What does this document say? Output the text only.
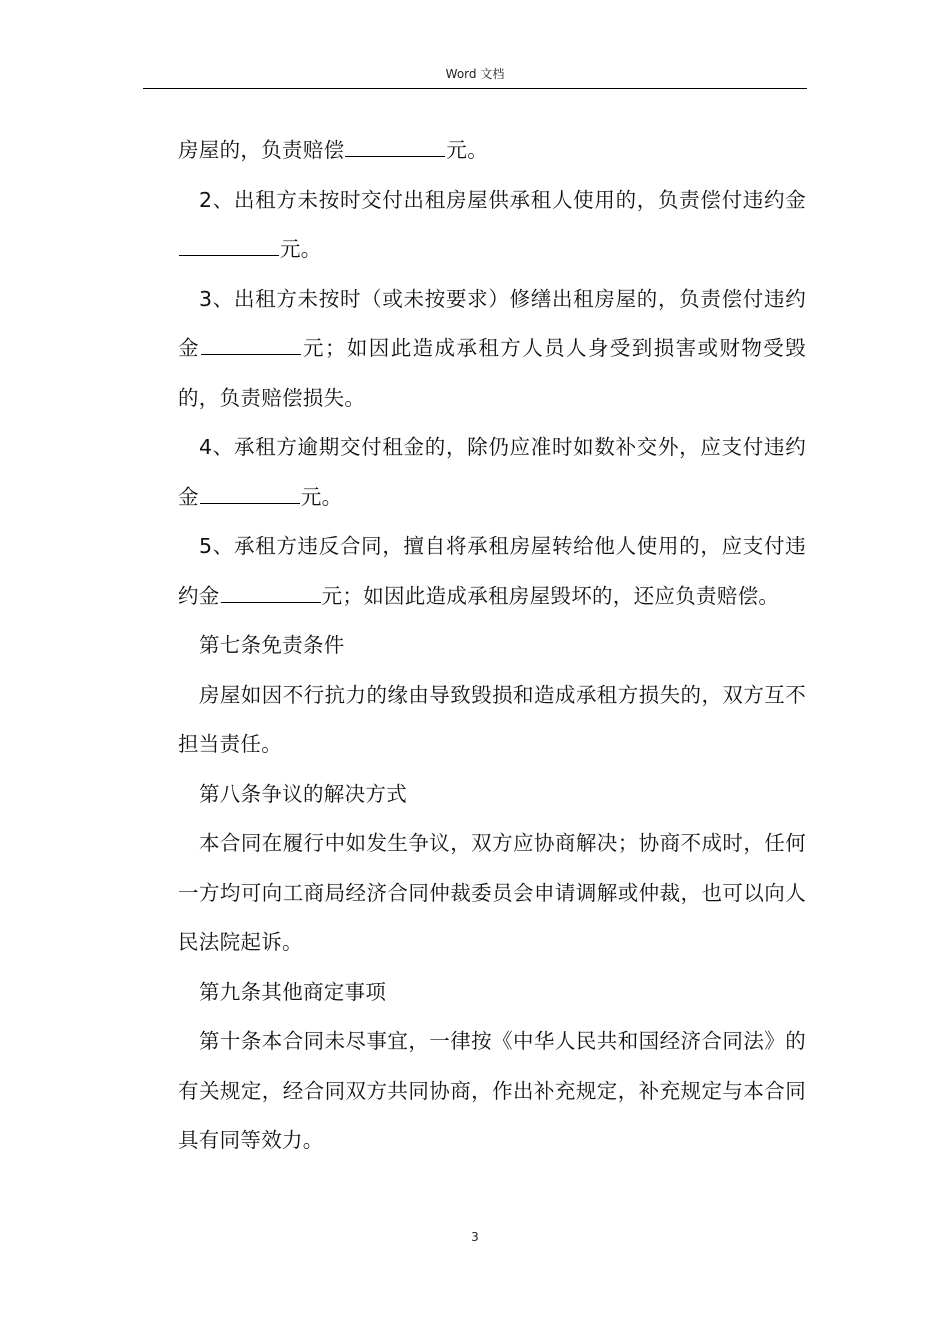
Word 文档

房屋的，负责赔偿	元。

2、出租方未按时交付出租房屋供承租人使用的，负责偿付违约金元。

3、出租方未按时（或未按要求）修缮出租房屋的，负责偿付违约金	元；如因此造成承租方人员人身受到损害或财物受毁的，负责赔偿损失。

4、承租方逾期交付租金的，除仍应准时如数补交外，应支付违约金	元。

5、承租方违反合同，擅自将承租房屋转给他人使用的，应支付违约金	元；如因此造成承租房屋毁坏的，还应负责赔偿。

第七条免责条件

房屋如因不行抗力的缘由导致毁损和造成承租方损失的，双方互不担当责任。

第八条争议的解决方式

本合同在履行中如发生争议，双方应协商解决；协商不成时，任何一方均可向工商局经济合同仲裁委员会申请调解或仲裁，也可以向人民法院起诉。

第九条其他商定事项

第十条本合同未尽事宜，一律按《中华人民共和国经济合同法》的有关规定，经合同双方共同协商，作出补充规定，补充规定与本合同具有同等效力。

3
